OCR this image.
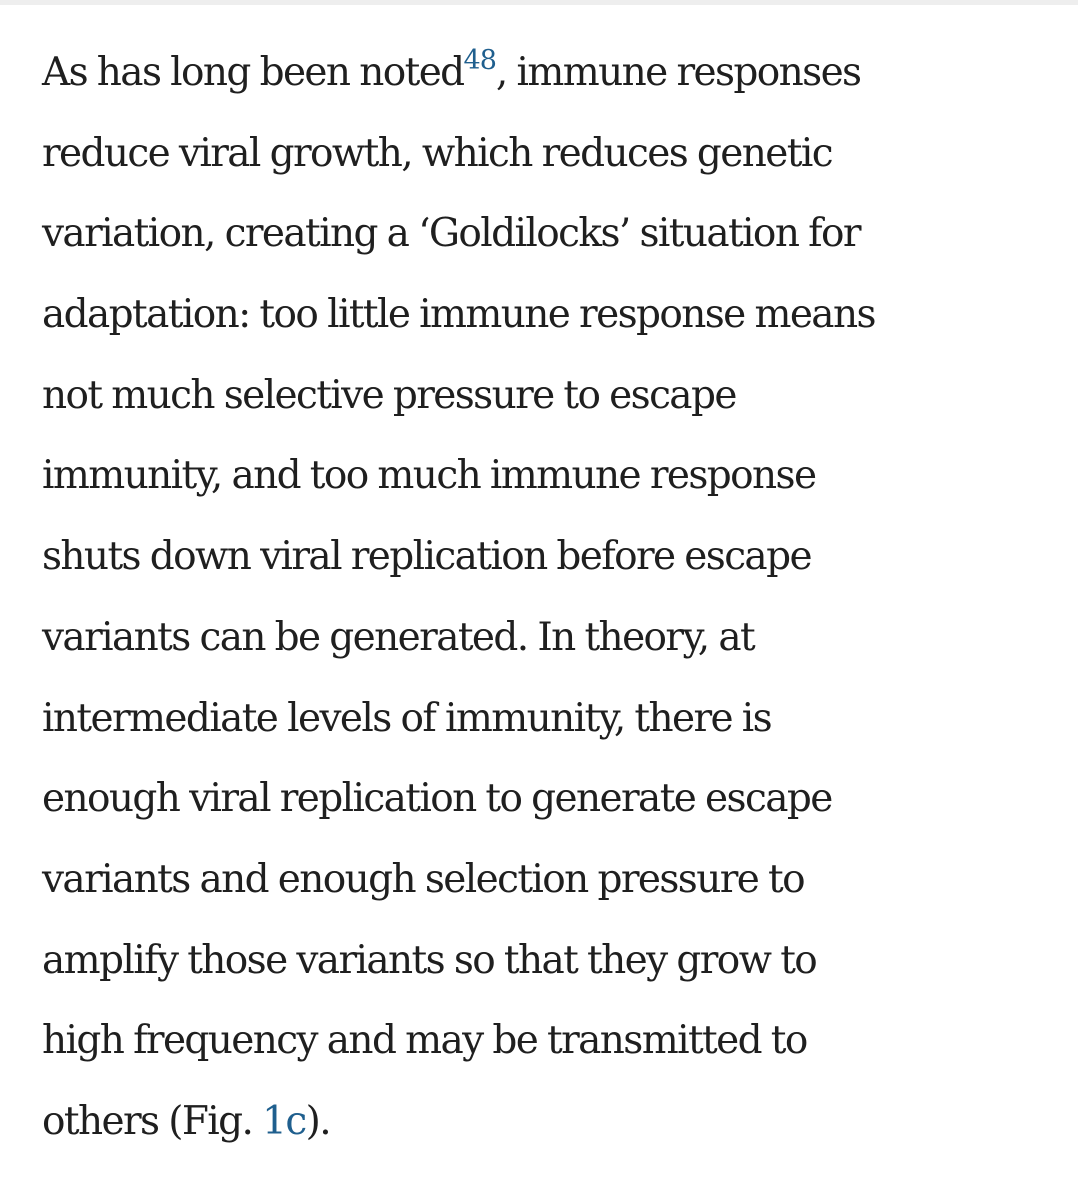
As has long been noted$^{48}$, immune responses
reduce viral growth, which reduces genetic
variation, creating a ‘Goldilocks’ situation for
adaptation: too little immune response means
not much selective pressure to escape
immunity, and too much immune response
shuts down viral replication before escape
variants can be generated. In theory, at
intermediate levels of immunity, there is
enough viral replication to generate escape
variants and enough selection pressure to
amplify those variants so that they grow to
high frequency and may be transmitted to
others (Fig. 1c).
